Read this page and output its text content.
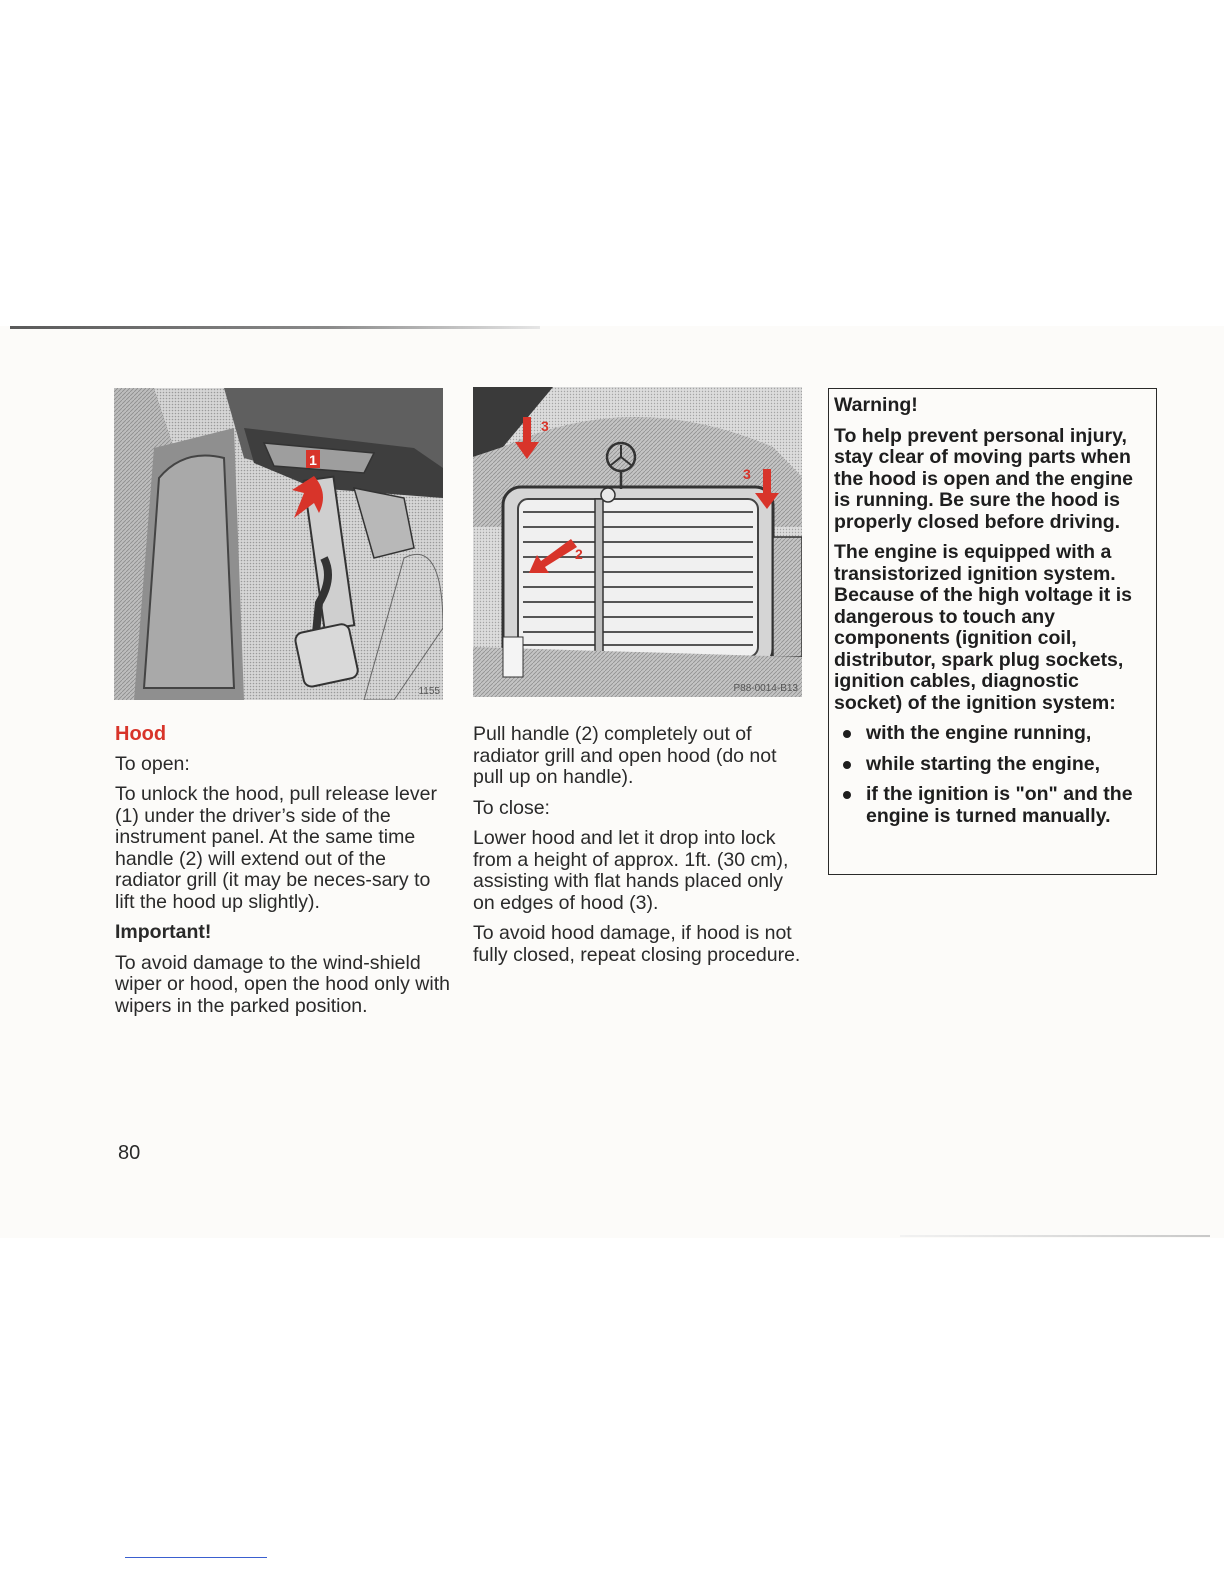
1
1155
3
3
2
P88-0014-B13
Hood

To open:

To unlock the hood, pull release lever (1) under the driver’s side of the instrument panel. At the same time handle (2) will extend out of the radiator grill (it may be neces-sary to lift the hood up slightly).

Important!

To avoid damage to the wind-shield wiper or hood, open the hood only with wipers in the parked position.

Pull handle (2) completely out of radiator grill and open hood (do not pull up on handle).

To close:

Lower hood and let it drop into lock from a height of approx. 1ft. (30 cm), assisting with flat hands placed only on edges of hood (3).

To avoid hood damage, if hood is not fully closed, repeat closing procedure.

Warning!

To help prevent personal injury, stay clear of moving parts when the hood is open and the engine is running. Be sure the hood is properly closed before driving.

The engine is equipped with a transistorized ignition system. Because of the high voltage it is dangerous to touch any components (ignition coil, distributor, spark plug sockets, ignition cables, diagnostic socket) of the ignition system:

with the engine running,
while starting the engine,
if the ignition is "on" and the engine is turned manually.
80
